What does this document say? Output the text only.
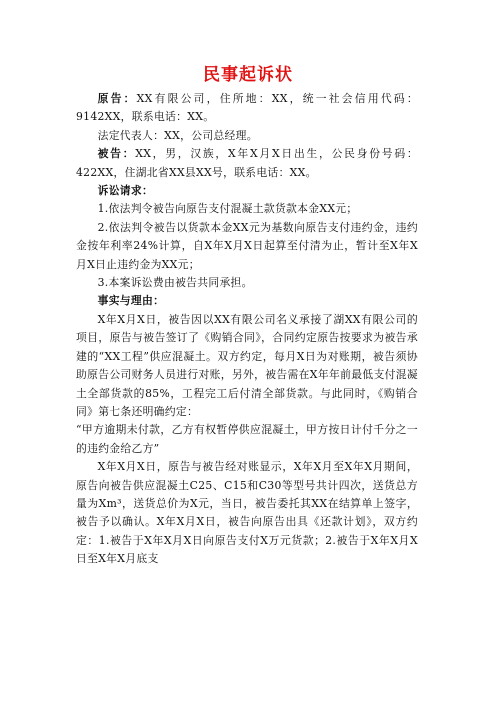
民事起诉状

原告：XX有限公司，住所地：XX，统一社会信用代码：9142XX，联系电话：XX。

法定代表人：XX，公司总经理。

被告：XX，男，汉族，X年X月X日出生，公民身份号码：422XX，住湖北省XX县XX号，联系电话：XX。

诉讼请求：

1.依法判令被告向原告支付混凝土款货款本金XX元；

2.依法判令被告以货款本金XX元为基数向原告支付违约金，违约金按年利率24%计算，自X年X月X日起算至付清为止，暂计至X年X月X日止违约金为XX元；

3.本案诉讼费由被告共同承担。

事实与理由：

X年X月X日，被告因以XX有限公司名义承接了湖XX有限公司的项目，原告与被告签订了《购销合同》，合同约定原告按要求为被告承建的“XX工程”供应混凝土。双方约定，每月X日为对账期，被告须协助原告公司财务人员进行对账，另外，被告需在X年年前最低支付混凝土全部货款的85%，工程完工后付清全部货款。与此同时，《购销合同》第七条还明确约定：

“甲方逾期未付款，乙方有权暂停供应混凝土，甲方按日计付千分之一的违约金给乙方”

X年X月X日，原告与被告经对账显示，X年X月至X年X月期间，原告向被告供应混凝土C25、C15和C30等型号共计四次，送货总方量为Xm³，送货总价为X元，当日，被告委托其XX在结算单上签字，被告予以确认。X年X月X日，被告向原告出具《还款计划》，双方约定：1.被告于X年X月X日向原告支付X万元货款；2.被告于X年X月X日至X年X月底支
